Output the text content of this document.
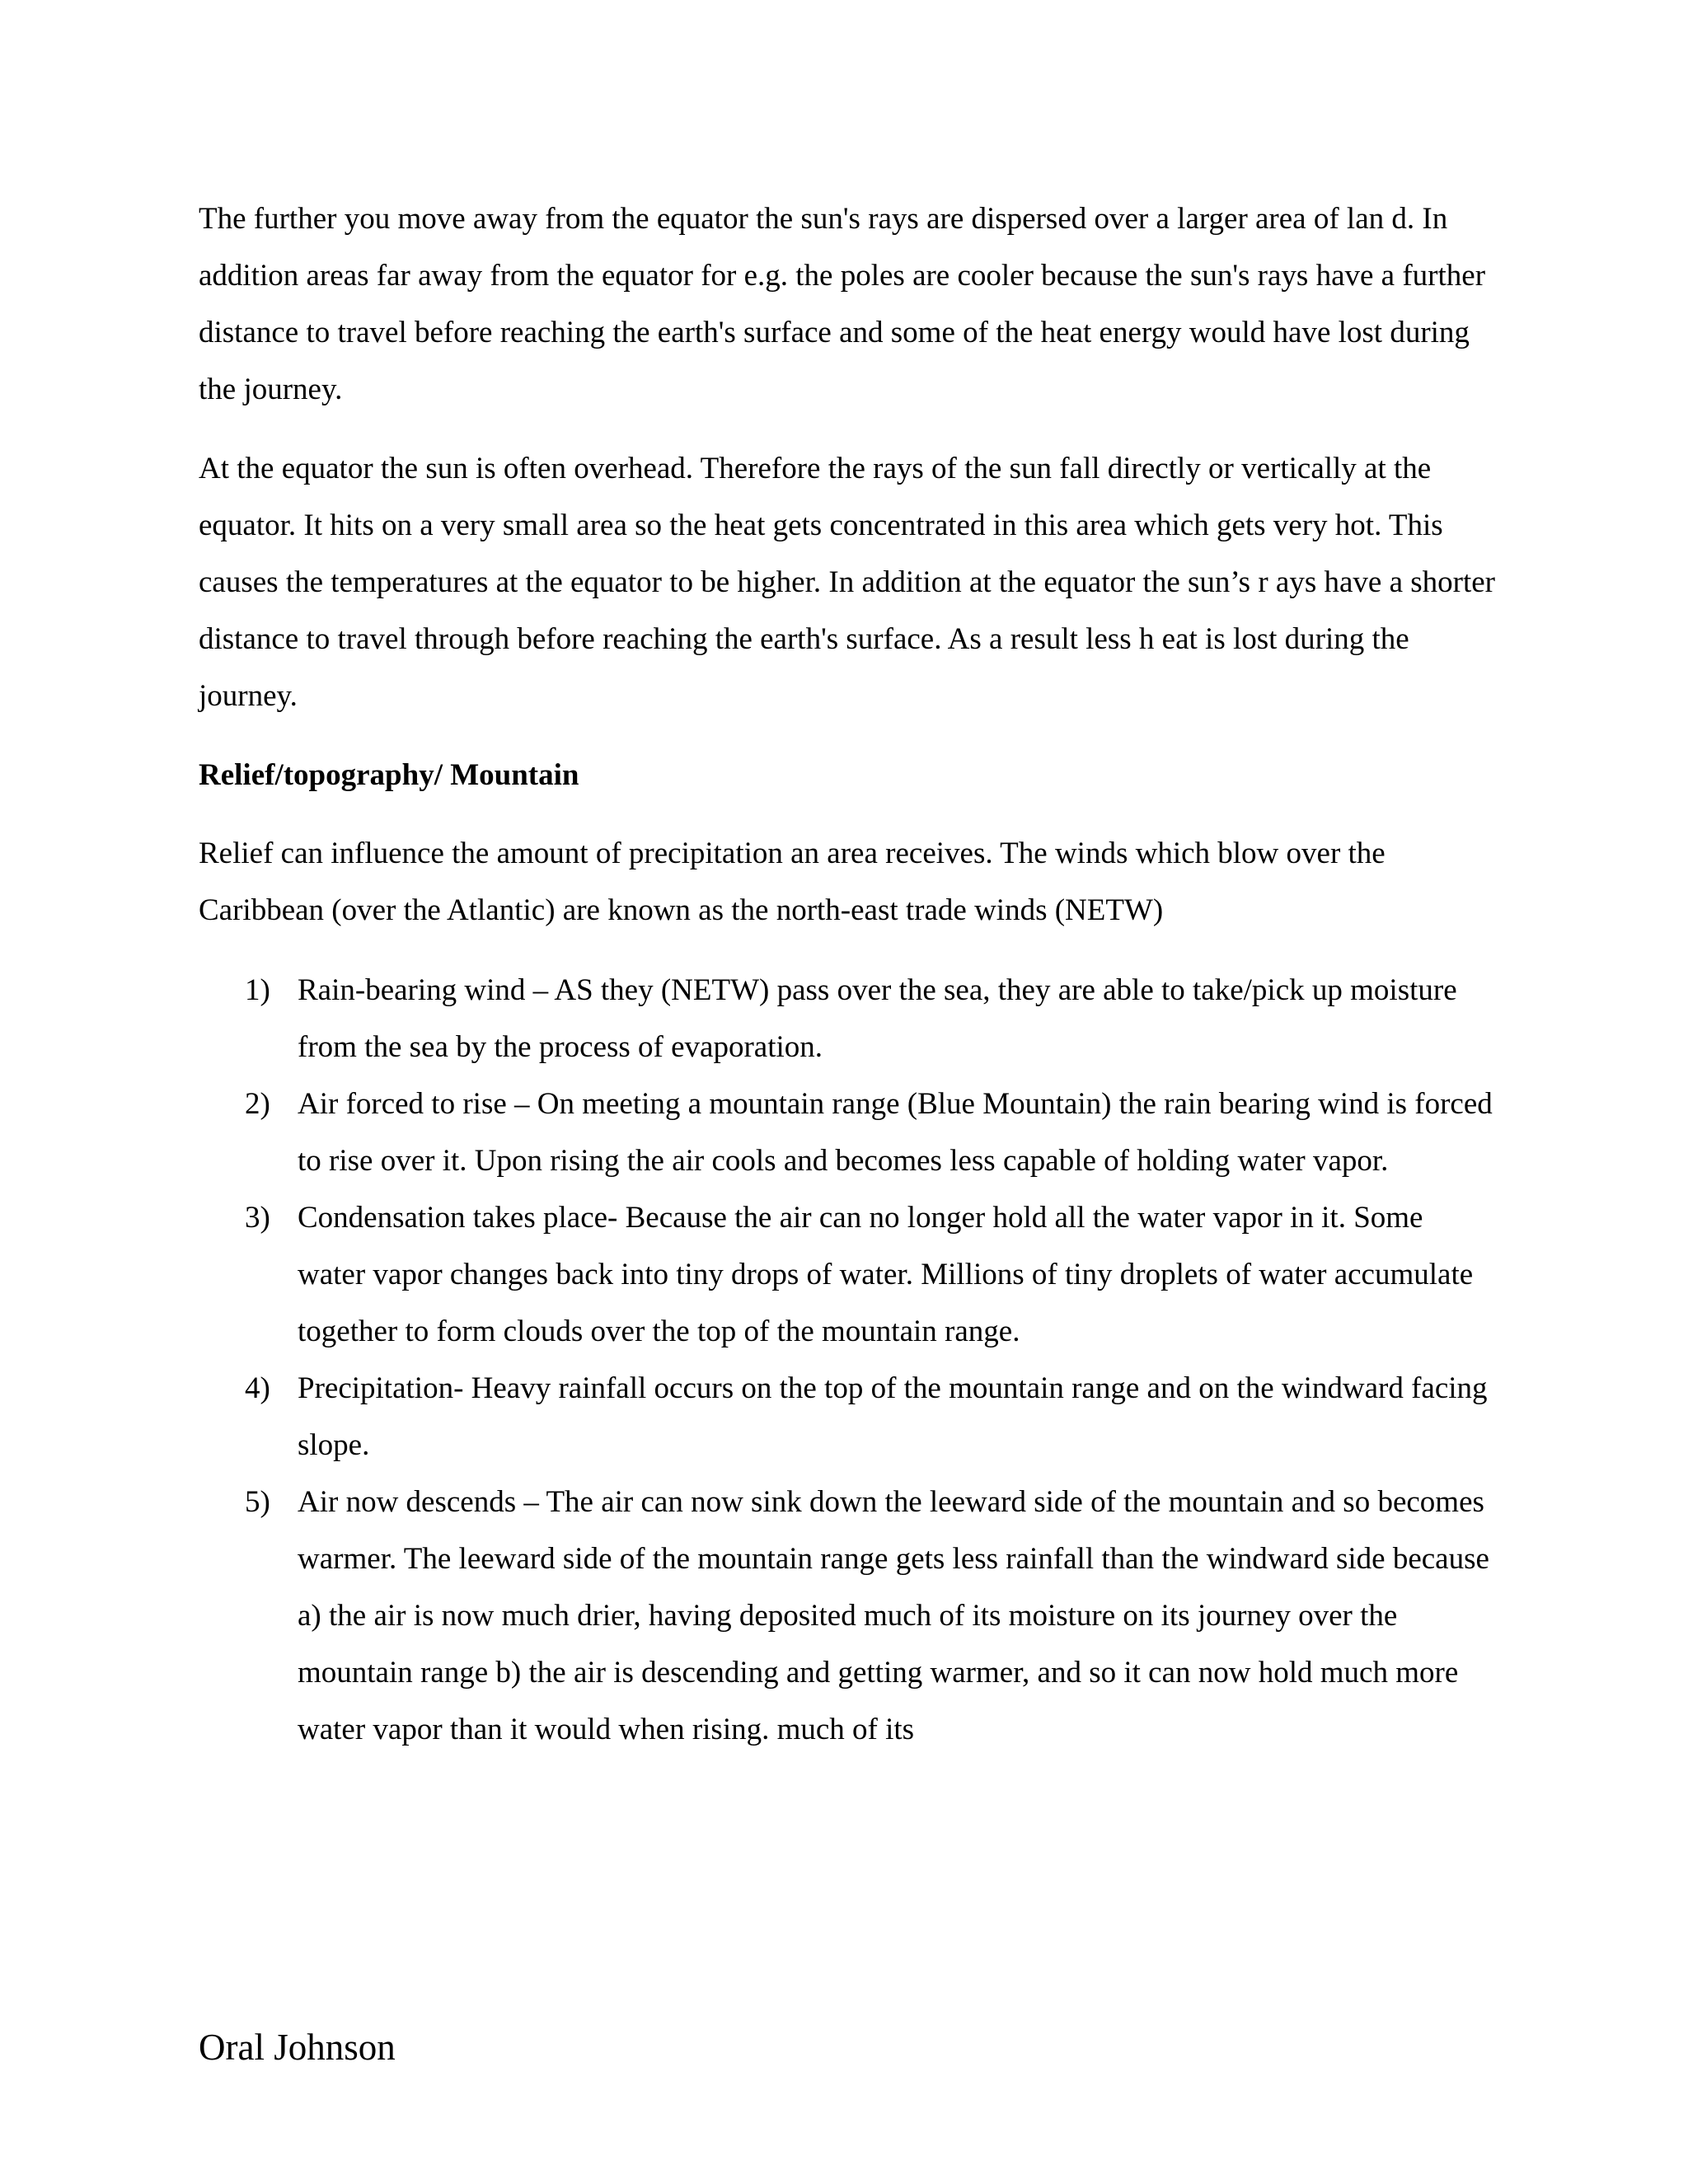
The further you move away from the equator the sun's rays are dispersed over a larger area of lan d. In addition areas far away from the equator for e.g. the poles are cooler because the sun's rays have a further distance to travel before reaching the earth's surface and some of the heat energy would have lost during the journey.

At the equator the sun is often overhead. Therefore the rays of the sun fall directly or vertically at the equator. It hits on a very small area so the heat gets concentrated in this area which gets very hot. This causes the temperatures at the equator to be higher. In addition at the equator the sun’s r ays have a shorter distance to travel through before reaching the earth's surface. As a result less h eat is lost during the journey.

Relief/topography/ Mountain

Relief can influence the amount of precipitation an area receives. The winds which blow over the Caribbean (over the Atlantic) are known as the north-east trade winds (NETW)

1) Rain-bearing wind – AS they (NETW) pass over the sea, they are able to take/pick up moisture from the sea by the process of evaporation.
2) Air forced to rise – On meeting a mountain range (Blue Mountain) the rain bearing wind is forced to rise over it. Upon rising the air cools and becomes less capable of holding water vapor.
3) Condensation takes place- Because the air can no longer hold all the water vapor in it. Some water vapor changes back into tiny drops of water. Millions of tiny droplets of water accumulate together to form clouds over the top of the mountain range.
4) Precipitation- Heavy rainfall occurs on the top of the mountain range and on the windward facing slope.
5) Air now descends – The air can now sink down the leeward side of the mountain and so becomes warmer. The leeward side of the mountain range gets less rainfall than the windward side because a) the air is now much drier, having deposited much of its moisture on its journey over the mountain range b) the air is descending and getting warmer, and so it can now hold much more water vapor than it would when rising. much of its
Oral Johnson
